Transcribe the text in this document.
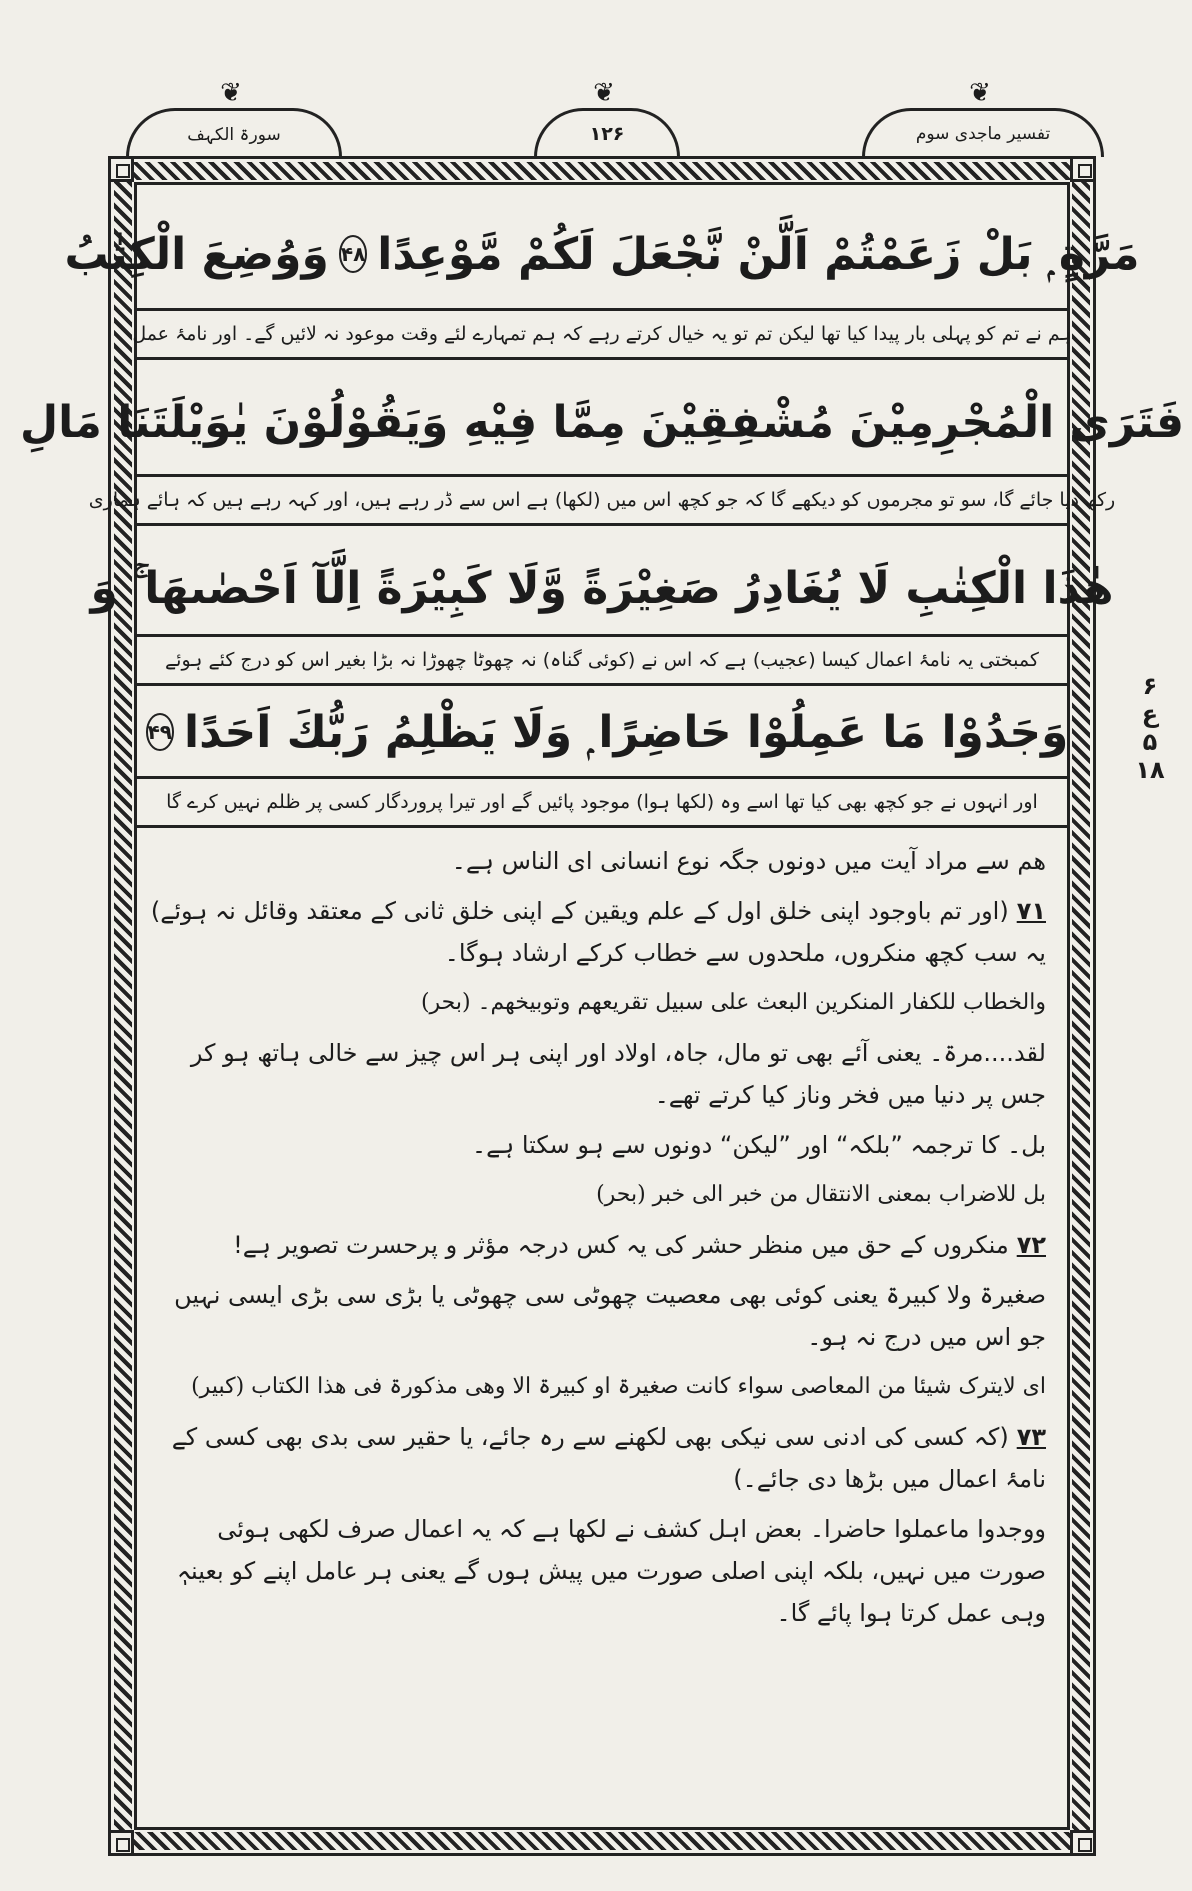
❦	❦	❦
سورۃ الکہف	۱۲۶	تفسیر ماجدی سوم
مَرَّةٍ ۭ بَلْ زَعَمْتُمْ اَلَّنْ نَّجْعَلَ لَكُمْ مَّوْعِدًا
۴۸
وَوُضِعَ الْكِتٰبُ
ہم نے تم کو پہلی بار پیدا کیا تھا لیکن تم تو یہ خیال کرتے رہے کہ ہم تمہارے لئے وقت موعود نہ لائیں گے۔ اور نامۂ عمل
فَتَرَى الْمُجْرِمِيْنَ مُشْفِقِيْنَ مِمَّا فِيْهِ وَيَقُوْلُوْنَ يٰوَيْلَتَنَا مَالِ
رکھ دیا جائے گا، سو تو مجرموں کو دیکھے گا کہ جو کچھ اس میں (لکھا) ہے اس سے ڈر رہے ہیں، اور کہہ رہے ہیں کہ ہائے ہماری
هٰذَا الْكِتٰبِ لَا يُغَادِرُ صَغِيْرَةً وَّلَا كَبِيْرَةً اِلَّآ اَحْصٰىهَا ۚ وَ
کمبختی یہ نامۂ اعمال کیسا (عجیب) ہے کہ اس نے (کوئی گناہ) نہ چھوٹا چھوڑا نہ بڑا بغیر اس کو درج کئے ہوئے
وَجَدُوْا مَا عَمِلُوْا حَاضِرًا ۭ وَلَا يَظْلِمُ رَبُّكَ اَحَدًا
۴۹
اور انہوں نے جو کچھ بھی کیا تھا اسے وہ (لکھا ہوا) موجود پائیں گے اور تیرا پروردگار کسی پر ظلم نہیں کرے گا
۶
ع
۵
۱۸

ھم سے مراد آیت میں دونوں جگہ نوع انسانی ای الناس ہے۔

۷۱(اور تم باوجود اپنی خلق اول کے علم ویقین کے اپنی خلق ثانی کے معتقد وقائل نہ ہوئے) یہ سب کچھ منکروں، ملحدوں سے خطاب کرکے ارشاد ہوگا۔

والخطاب للکفار المنکرین البعث علی سبیل تقریعھم وتوبیخھم۔ (بحر)

لقد....مرۃ۔ یعنی آئے بھی تو مال، جاہ، اولاد اور اپنی ہر اس چیز سے خالی ہاتھ ہو کر جس پر دنیا میں فخر وناز کیا کرتے تھے۔

بل۔ کا ترجمہ ”بلکہ“ اور ”لیکن“ دونوں سے ہو سکتا ہے۔

بل للاضراب بمعنی الانتقال من خبر الی خبر (بحر)

۷۲منکروں کے حق میں منظر حشر کی یہ کس درجہ مؤثر و پرحسرت تصویر ہے!

صغیرۃ ولا کبیرۃ یعنی کوئی بھی معصیت چھوٹی سی چھوٹی یا بڑی سی بڑی ایسی نہیں جو اس میں درج نہ ہو۔

ای لایترک شیئا من المعاصی سواء کانت صغیرۃ او کبیرۃ الا وھی مذکورۃ فی ھذا الکتاب (کبیر)

۷۳(کہ کسی کی ادنی سی نیکی بھی لکھنے سے رہ جائے، یا حقیر سی بدی بھی کسی کے نامۂ اعمال میں بڑھا دی جائے۔)

ووجدوا ماعملوا حاضرا۔ بعض اہل کشف نے لکھا ہے کہ یہ اعمال صرف لکھی ہوئی صورت میں نہیں، بلکہ اپنی اصلی صورت میں پیش ہوں گے یعنی ہر عامل اپنے کو بعینہٖ وہی عمل کرتا ہوا پائے گا۔
